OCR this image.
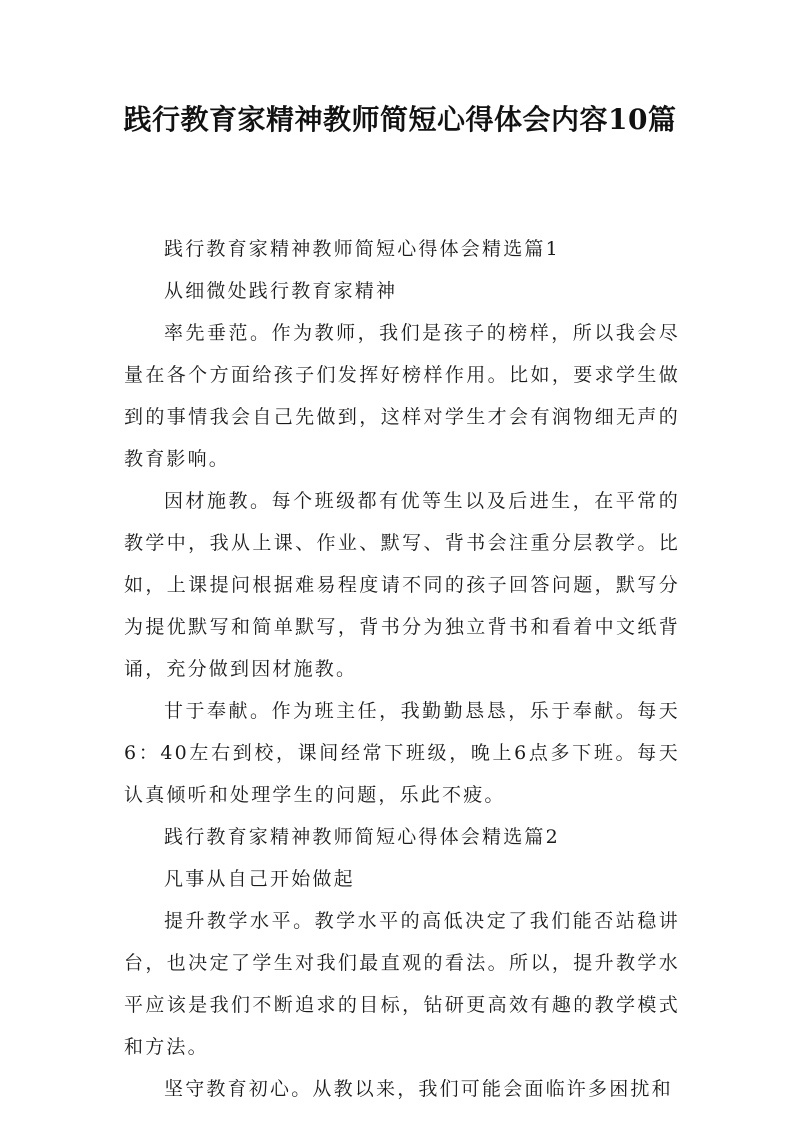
践行教育家精神教师简短心得体会内容10篇

践行教育家精神教师简短心得体会精选篇1

从细微处践行教育家精神

率先垂范。作为教师，我们是孩子的榜样，所以我会尽量在各个方面给孩子们发挥好榜样作用。比如，要求学生做到的事情我会自己先做到，这样对学生才会有润物细无声的教育影响。

因材施教。每个班级都有优等生以及后进生，在平常的教学中，我从上课、作业、默写、背书会注重分层教学。比如，上课提问根据难易程度请不同的孩子回答问题，默写分为提优默写和简单默写，背书分为独立背书和看着中文纸背诵，充分做到因材施教。

甘于奉献。作为班主任，我勤勤恳恳，乐于奉献。每天6：40左右到校，课间经常下班级，晚上6点多下班。每天认真倾听和处理学生的问题，乐此不疲。

践行教育家精神教师简短心得体会精选篇2

凡事从自己开始做起

提升教学水平。教学水平的高低决定了我们能否站稳讲台，也决定了学生对我们最直观的看法。所以，提升教学水平应该是我们不断追求的目标，钻研更高效有趣的教学模式和方法。

坚守教育初心。从教以来，我们可能会面临许多困扰和
